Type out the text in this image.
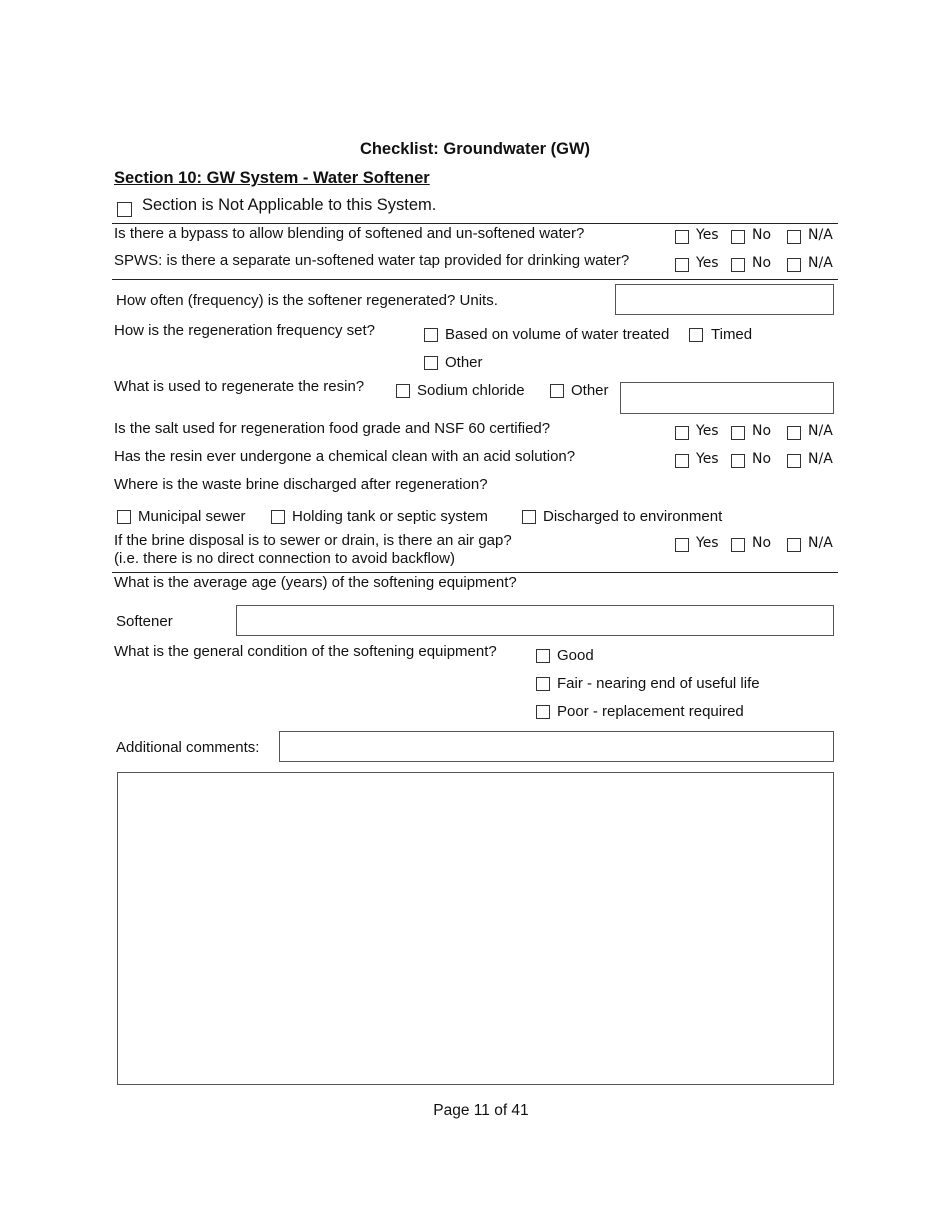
Checklist: Groundwater (GW)
Section 10: GW System - Water Softener
Section is Not Applicable to this System.
Is there a bypass to allow blending of softened and un-softened water?	Yes No	N/A
SPWS: is there a separate un-softened water tap provided for drinking water?	Yes No	N/A
How often (frequency) is the softener regenerated? Units.
How is the regeneration frequency set?	Based on volume of water treated	Timed
Other
What is used to regenerate the resin?	Sodium chloride	Other
Is the salt used for regeneration food grade and NSF 60 certified?	Yes No	N/A
Has the resin ever undergone a chemical clean with an acid solution?	Yes No	N/A
Where is the waste brine discharged after regeneration?
Municipal sewer	Holding tank or septic system	Discharged to environment
If the brine disposal is to sewer or drain, is there an air gap?
(i.e. there is no direct connection to avoid backflow)
Yes No	N/A
What is the average age (years) of the softening equipment?
Softener
What is the general condition of the softening equipment?	Good
Fair - nearing end of useful life
Poor - replacement required
Additional comments:
Page 11 of 41
